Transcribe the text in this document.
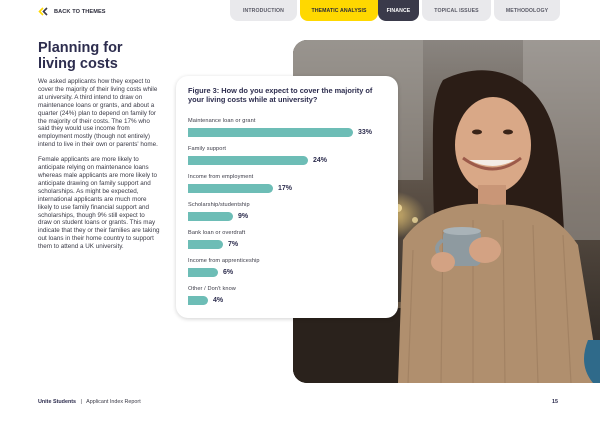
BACK TO THEMES	INTRODUCTION	THEMATIC ANALYSIS	FINANCE	TOPICAL ISSUES	METHODOLOGY
Planning for living costs

We asked applicants how they expect to cover the majority of their living costs while at university. A third intend to draw on maintenance loans or grants, and about a quarter (24%) plan to depend on family for the majority of their costs. The 17% who said they would use income from employment mostly (though not entirely) intend to live in their own or parents' home.

Female applicants are more likely to anticipate relying on maintenance loans whereas male applicants are more likely to anticipate drawing on family support and scholarships. As might be expected, international applicants are much more likely to use family financial support and scholarships, though 9% still expect to draw on student loans or grants. This may indicate that they or their families are taking out loans in their home country to support them to attend a UK university.

Figure 3: How do you expect to cover the majority of your living costs while at university?
Maintenance loan or grant
33%
Family support
24%
Income from employment
17%
Scholarship/studentship
9%
Bank loan or overdraft
7%
Income from apprenticeship
6%
Other / Don't know
4%
Unite Students | Applicant Index Report	15
